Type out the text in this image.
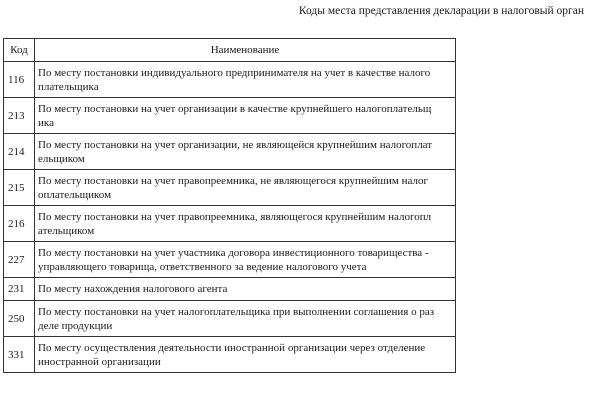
Коды места представления декларации в налоговый орган
Код	Наименование
116	По месту постановки индивидуального предпринимателя на учет в качестве налого
плательщика
213	По месту постановки на учет организации в качестве крупнейшего налогоплательщ
ика
214	По месту постановки на учет организации, не являющейся крупнейшим налогоплат
ельщиком
215	По месту постановки на учет правопреемника, не являющегося крупнейшим налог
оплательщиком
216	По месту постановки на учет правопреемника, являющегося крупнейшим налогопл
ательщиком
227	По месту постановки на учет участника договора инвестиционного товарищества -
управляющего товарища, ответственного за ведение налогового учета
231	По месту нахождения налогового агента
250	По месту постановки на учет налогоплательщика при выполнении соглашения о раз
деле продукции
331	По месту осуществления деятельности иностранной организации через отделение
иностранной организации
